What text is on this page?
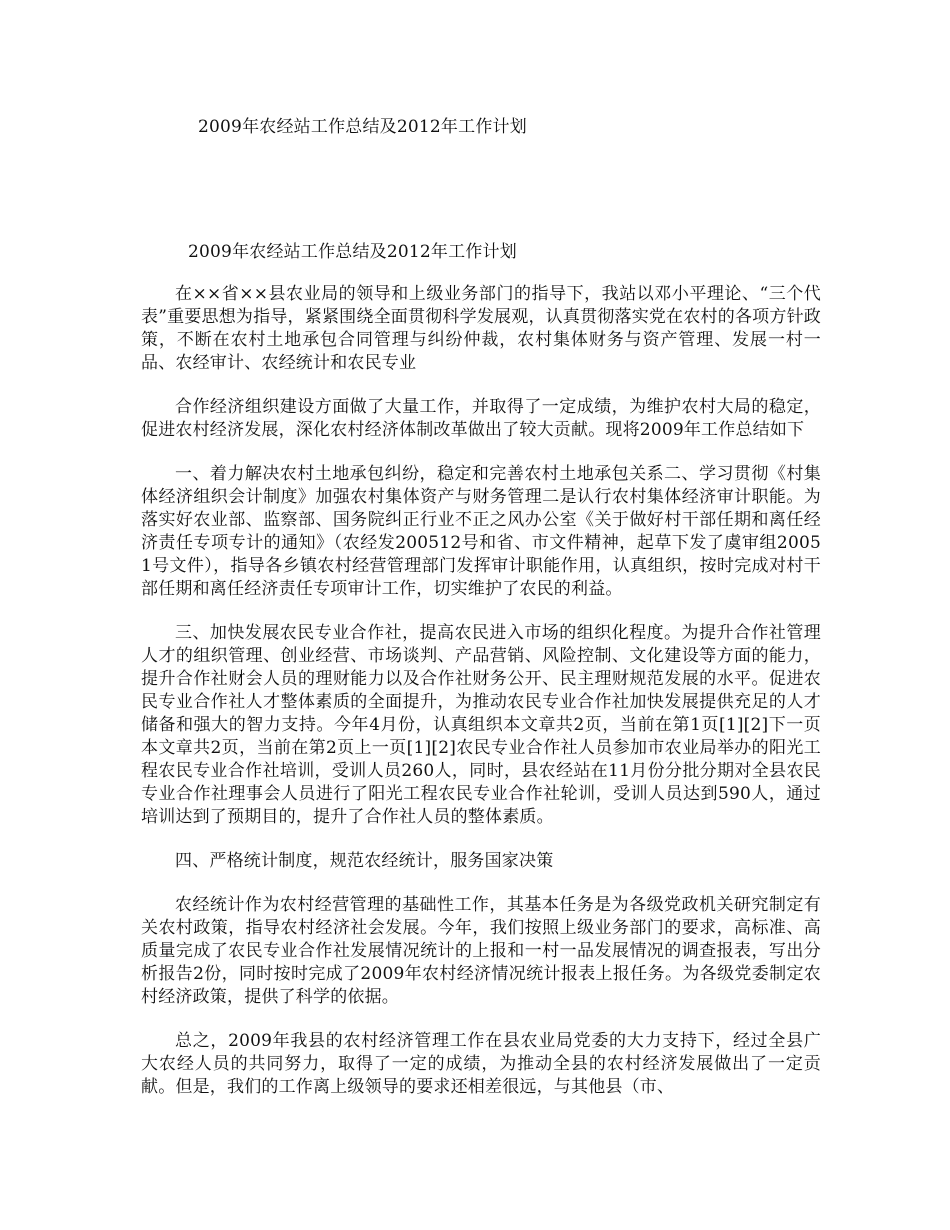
2009年农经站工作总结及2012年工作计划
2009年农经站工作总结及2012年工作计划

在××省××县农业局的领导和上级业务部门的指导下，我站以邓小平理论、“三个代表”重要思想为指导，紧紧围绕全面贯彻科学发展观，认真贯彻落实党在农村的各项方针政策，不断在农村土地承包合同管理与纠纷仲裁，农村集体财务与资产管理、发展一村一品、农经审计、农经统计和农民专业

合作经济组织建设方面做了大量工作，并取得了一定成绩，为维护农村大局的稳定，促进农村经济发展，深化农村经济体制改革做出了较大贡献。现将2009年工作总结如下

一、着力解决农村土地承包纠纷，稳定和完善农村土地承包关系二、学习贯彻《村集体经济组织会计制度》加强农村集体资产与财务管理二是认行农村集体经济审计职能。为落实好农业部、监察部、国务院纠正行业不正之风办公室《关于做好村干部任期和离任经济责任专项专计的通知》（农经发200512号和省、市文件精神，起草下发了虞审组20051号文件），指导各乡镇农村经营管理部门发挥审计职能作用，认真组织，按时完成对村干部任期和离任经济责任专项审计工作，切实维护了农民的利益。

三、加快发展农民专业合作社，提高农民进入市场的组织化程度。为提升合作社管理人才的组织管理、创业经营、市场谈判、产品营销、风险控制、文化建设等方面的能力，提升合作社财会人员的理财能力以及合作社财务公开、民主理财规范发展的水平。促进农民专业合作社人才整体素质的全面提升，为推动农民专业合作社加快发展提供充足的人才储备和强大的智力支持。今年4月份，认真组织本文章共2页，当前在第1页[1][2]下一页本文章共2页，当前在第2页上一页[1][2]农民专业合作社人员参加市农业局举办的阳光工程农民专业合作社培训，受训人员260人，同时，县农经站在11月份分批分期对全县农民专业合作社理事会人员进行了阳光工程农民专业合作社轮训，受训人员达到590人，通过培训达到了预期目的，提升了合作社人员的整体素质。

四、严格统计制度，规范农经统计，服务国家决策

农经统计作为农村经营管理的基础性工作，其基本任务是为各级党政机关研究制定有关农村政策，指导农村经济社会发展。今年，我们按照上级业务部门的要求，高标准、高质量完成了农民专业合作社发展情况统计的上报和一村一品发展情况的调查报表，写出分析报告2份，同时按时完成了2009年农村经济情况统计报表上报任务。为各级党委制定农村经济政策，提供了科学的依据。

总之，2009年我县的农村经济管理工作在县农业局党委的大力支持下，经过全县广大农经人员的共同努力，取得了一定的成绩，为推动全县的农村经济发展做出了一定贡献。但是，我们的工作离上级领导的要求还相差很远，与其他县（市、
